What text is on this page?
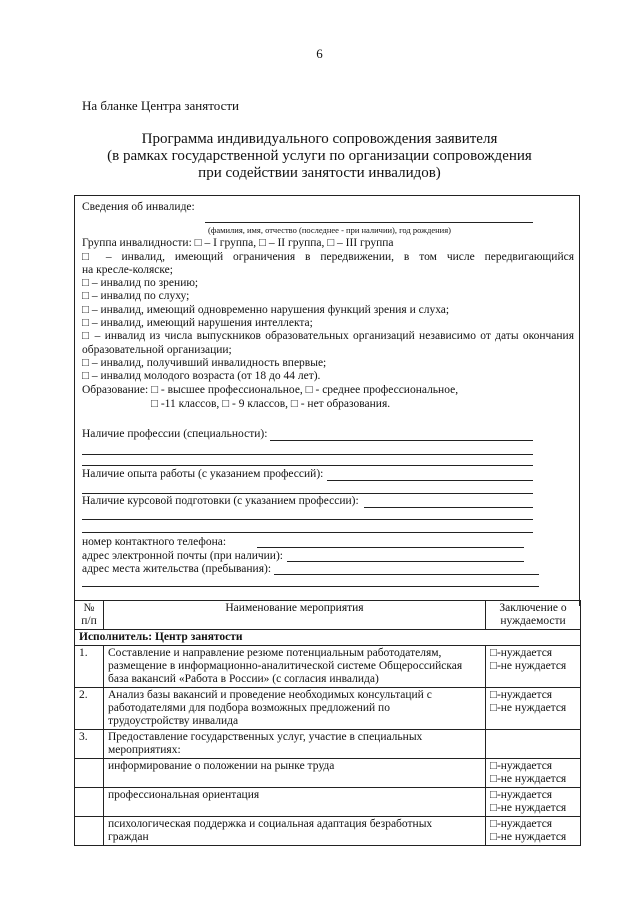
6
На бланке Центра занятости
Программа индивидуального сопровождения заявителя
(в рамках государственной услуги по организации сопровождения
при содействии занятости инвалидов)
Сведения об инвалиде:
(фамилия, имя, отчество (последнее - при наличии), год рождения)
Группа инвалидности: □ – I группа, □ – II группа, □ – III группа
□ – инвалид, имеющий ограничения в передвижении, в том числе передвигающийся
на кресле-коляске;
□ – инвалид по зрению;
□ – инвалид по слуху;
□ – инвалид, имеющий одновременно нарушения функций зрения и слуха;
□ – инвалид, имеющий нарушения интеллекта;
□ – инвалид из числа выпускников образовательных организаций независимо от даты окончания
образовательной организации;
□ – инвалид, получивший инвалидность впервые;
□ – инвалид молодого возраста (от 18 до 44 лет).
Образование: □ - высшее профессиональное, □ - среднее профессиональное,
□ -11 классов, □ - 9 классов, □ - нет образования.
Наличие профессии (специальности):
Наличие опыта работы (с указанием профессий):
Наличие курсовой подготовки (с указанием профессии):
номер контактного телефона:
адрес электронной почты (при наличии):
адрес места жительства (пребывания):
№
п/п	Наименование мероприятия	Заключение о
нуждаемости
Исполнитель: Центр занятости		
1.	Составление и направление резюме потенциальным работодателям,
размещение в информационно-аналитической системе Общероссийская
база вакансий «Работа в России» (с согласия инвалида)	□-нуждается
□-не нуждается
2.	Анализ базы вакансий и проведение необходимых консультаций с
работодателями для подбора возможных предложений по
трудоустройству инвалида	□-нуждается
□-не нуждается
3.	Предоставление государственных услуг, участие в специальных
мероприятиях:	
	информирование о положении на рынке труда	□-нуждается
□-не нуждается
	профессиональная ориентация	□-нуждается
□-не нуждается
	психологическая поддержка и социальная адаптация безработных
граждан	□-нуждается
□-не нуждается
